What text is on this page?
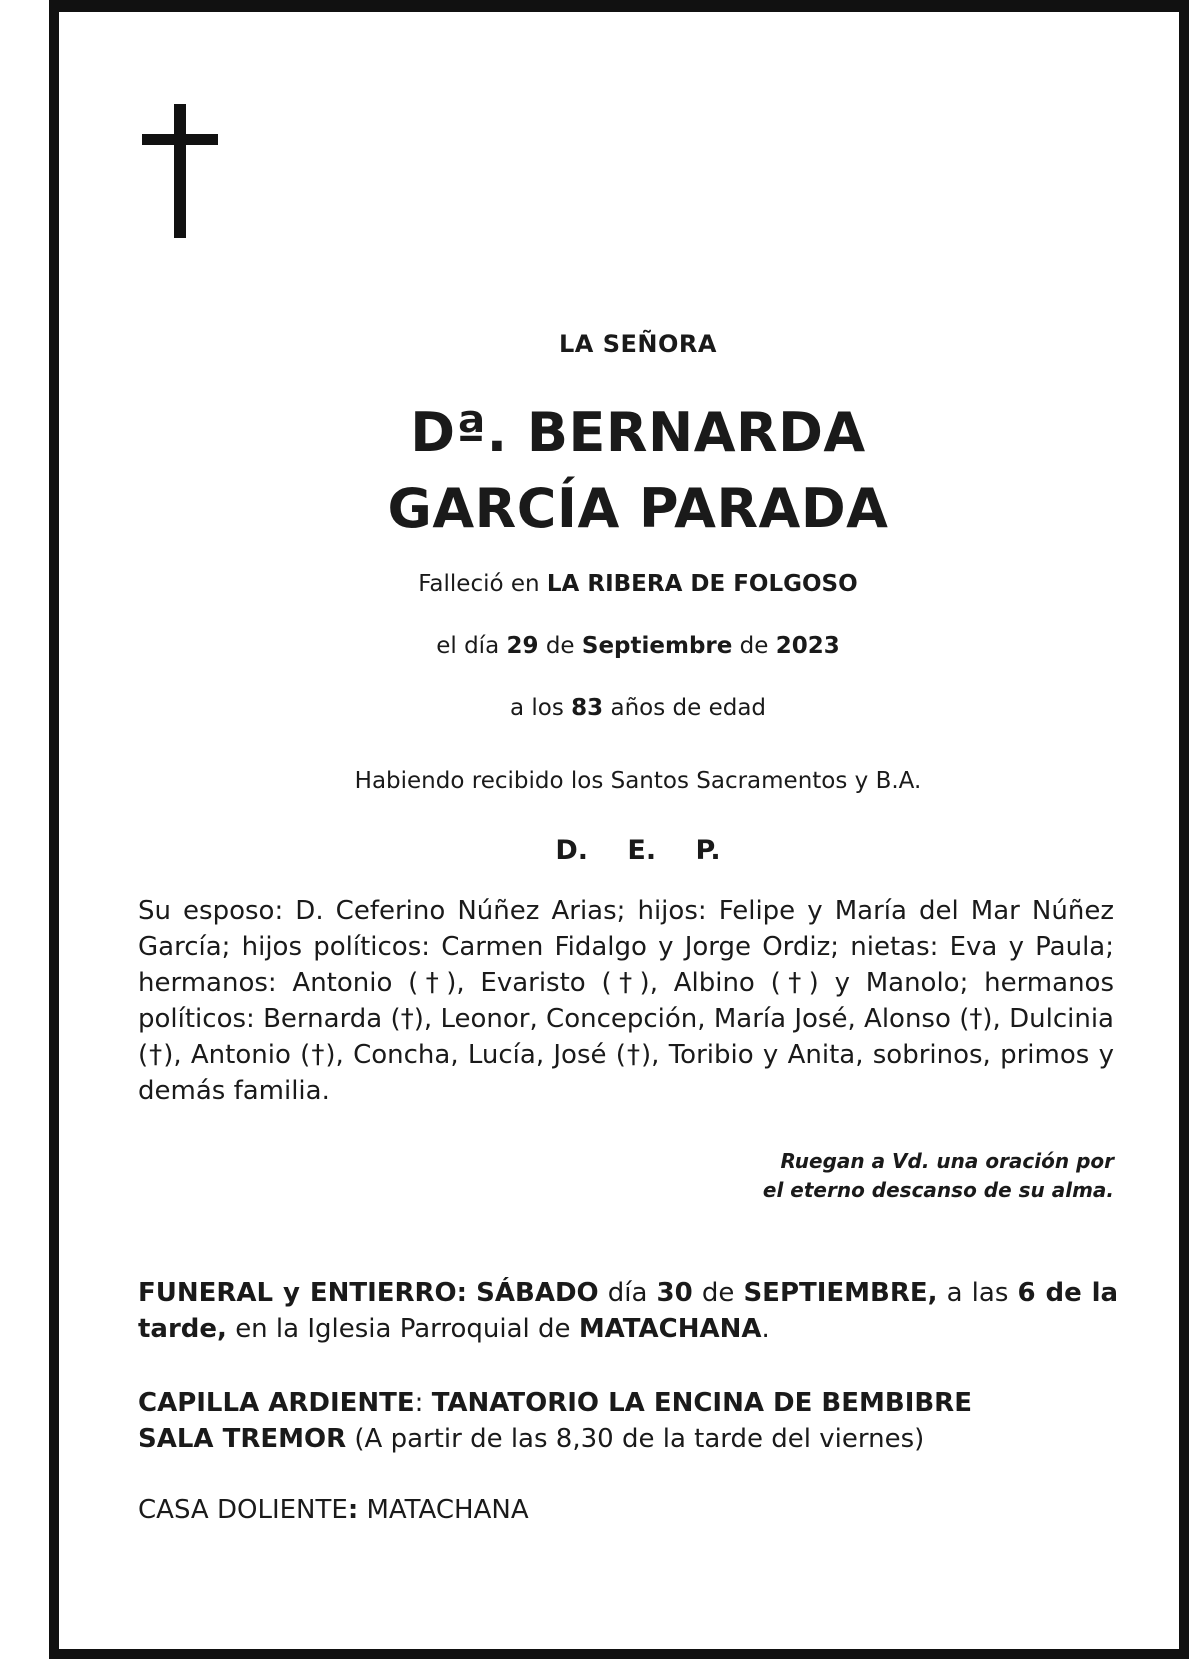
LA SEÑORA
Dª. BERNARDA
GARCÍA PARADA
Falleció en LA RIBERA DE FOLGOSO
el día 29 de Septiembre de 2023
a los 83 años de edad
Habiendo recibido los Santos Sacramentos y B.A.
D. E. P.
Su esposo: D. Ceferino Núñez Arias; hijos: Felipe y María del Mar Núñez García; hijos políticos: Carmen Fidalgo y Jorge Ordiz; nietas: Eva y Paula; hermanos: Antonio (†), Evaristo (†), Albino (†) y Manolo; hermanos políticos: Bernarda (†), Leonor, Concepción, María José, Alonso (†), Dulcinia (†), Antonio (†), Concha, Lucía, José (†), Toribio y Anita, sobrinos, primos y demás familia.
Ruegan a Vd. una oración por
el eterno descanso de su alma.
FUNERAL y ENTIERRO: SÁBADO día 30 de SEPTIEMBRE, a las 6 de la tarde, en la Iglesia Parroquial de MATACHANA.
CAPILLA ARDIENTE: TANATORIO LA ENCINA DE BEMBIBRE
SALA TREMOR (A partir de las 8,30 de la tarde del viernes)
CASA DOLIENTE: MATACHANA
